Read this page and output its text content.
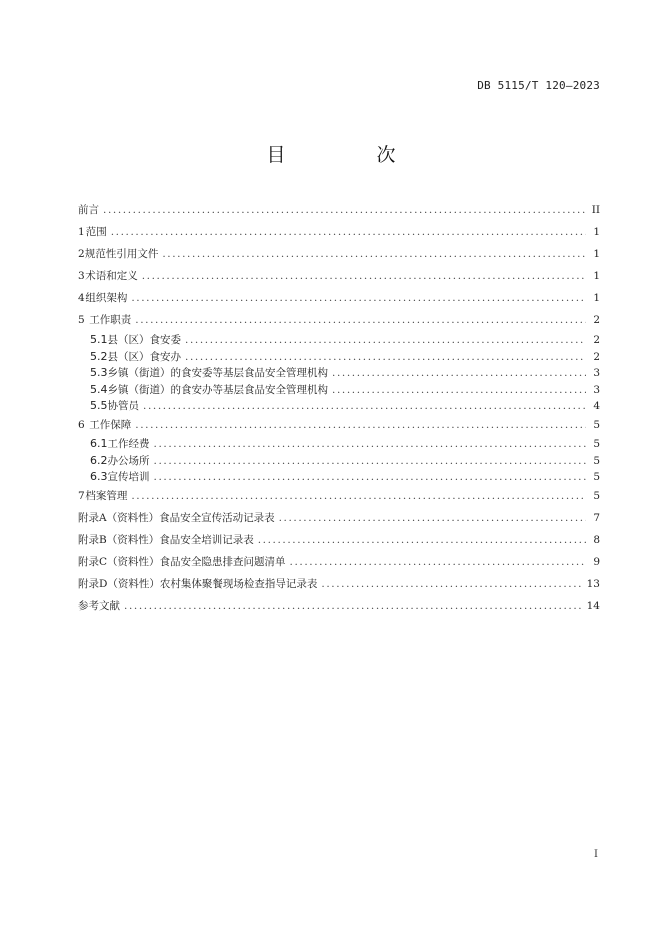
DB 5115/T 120—2023
目　次
前言 .....	II
1 范围 .....	1
2 规范性引用文件 .....	1
3 术语和定义 .....	1
4 组织架构 .....	1
5 工作职责 .....	2
5.1 县（区）食安委 .....	2
5.2 县（区）食安办 .....	2
5.3 乡镇（街道）的食安委等基层食品安全管理机构 .....	3
5.4 乡镇（街道）的食安办等基层食品安全管理机构 .....	3
5.5 协管员 .....	4
6 工作保障 .....	5
6.1 工作经费 .....	5
6.2 办公场所 .....	5
6.3 宣传培训 .....	5
7 档案管理 .....	5
附录A（资料性） 食品安全宣传活动记录表 .....	7
附录B（资料性） 食品安全培训记录表 .....	8
附录C（资料性） 食品安全隐患排查问题清单 .....	9
附录D（资料性） 农村集体聚餐现场检查指导记录表 .....	13
参考文献 .....	14
I
